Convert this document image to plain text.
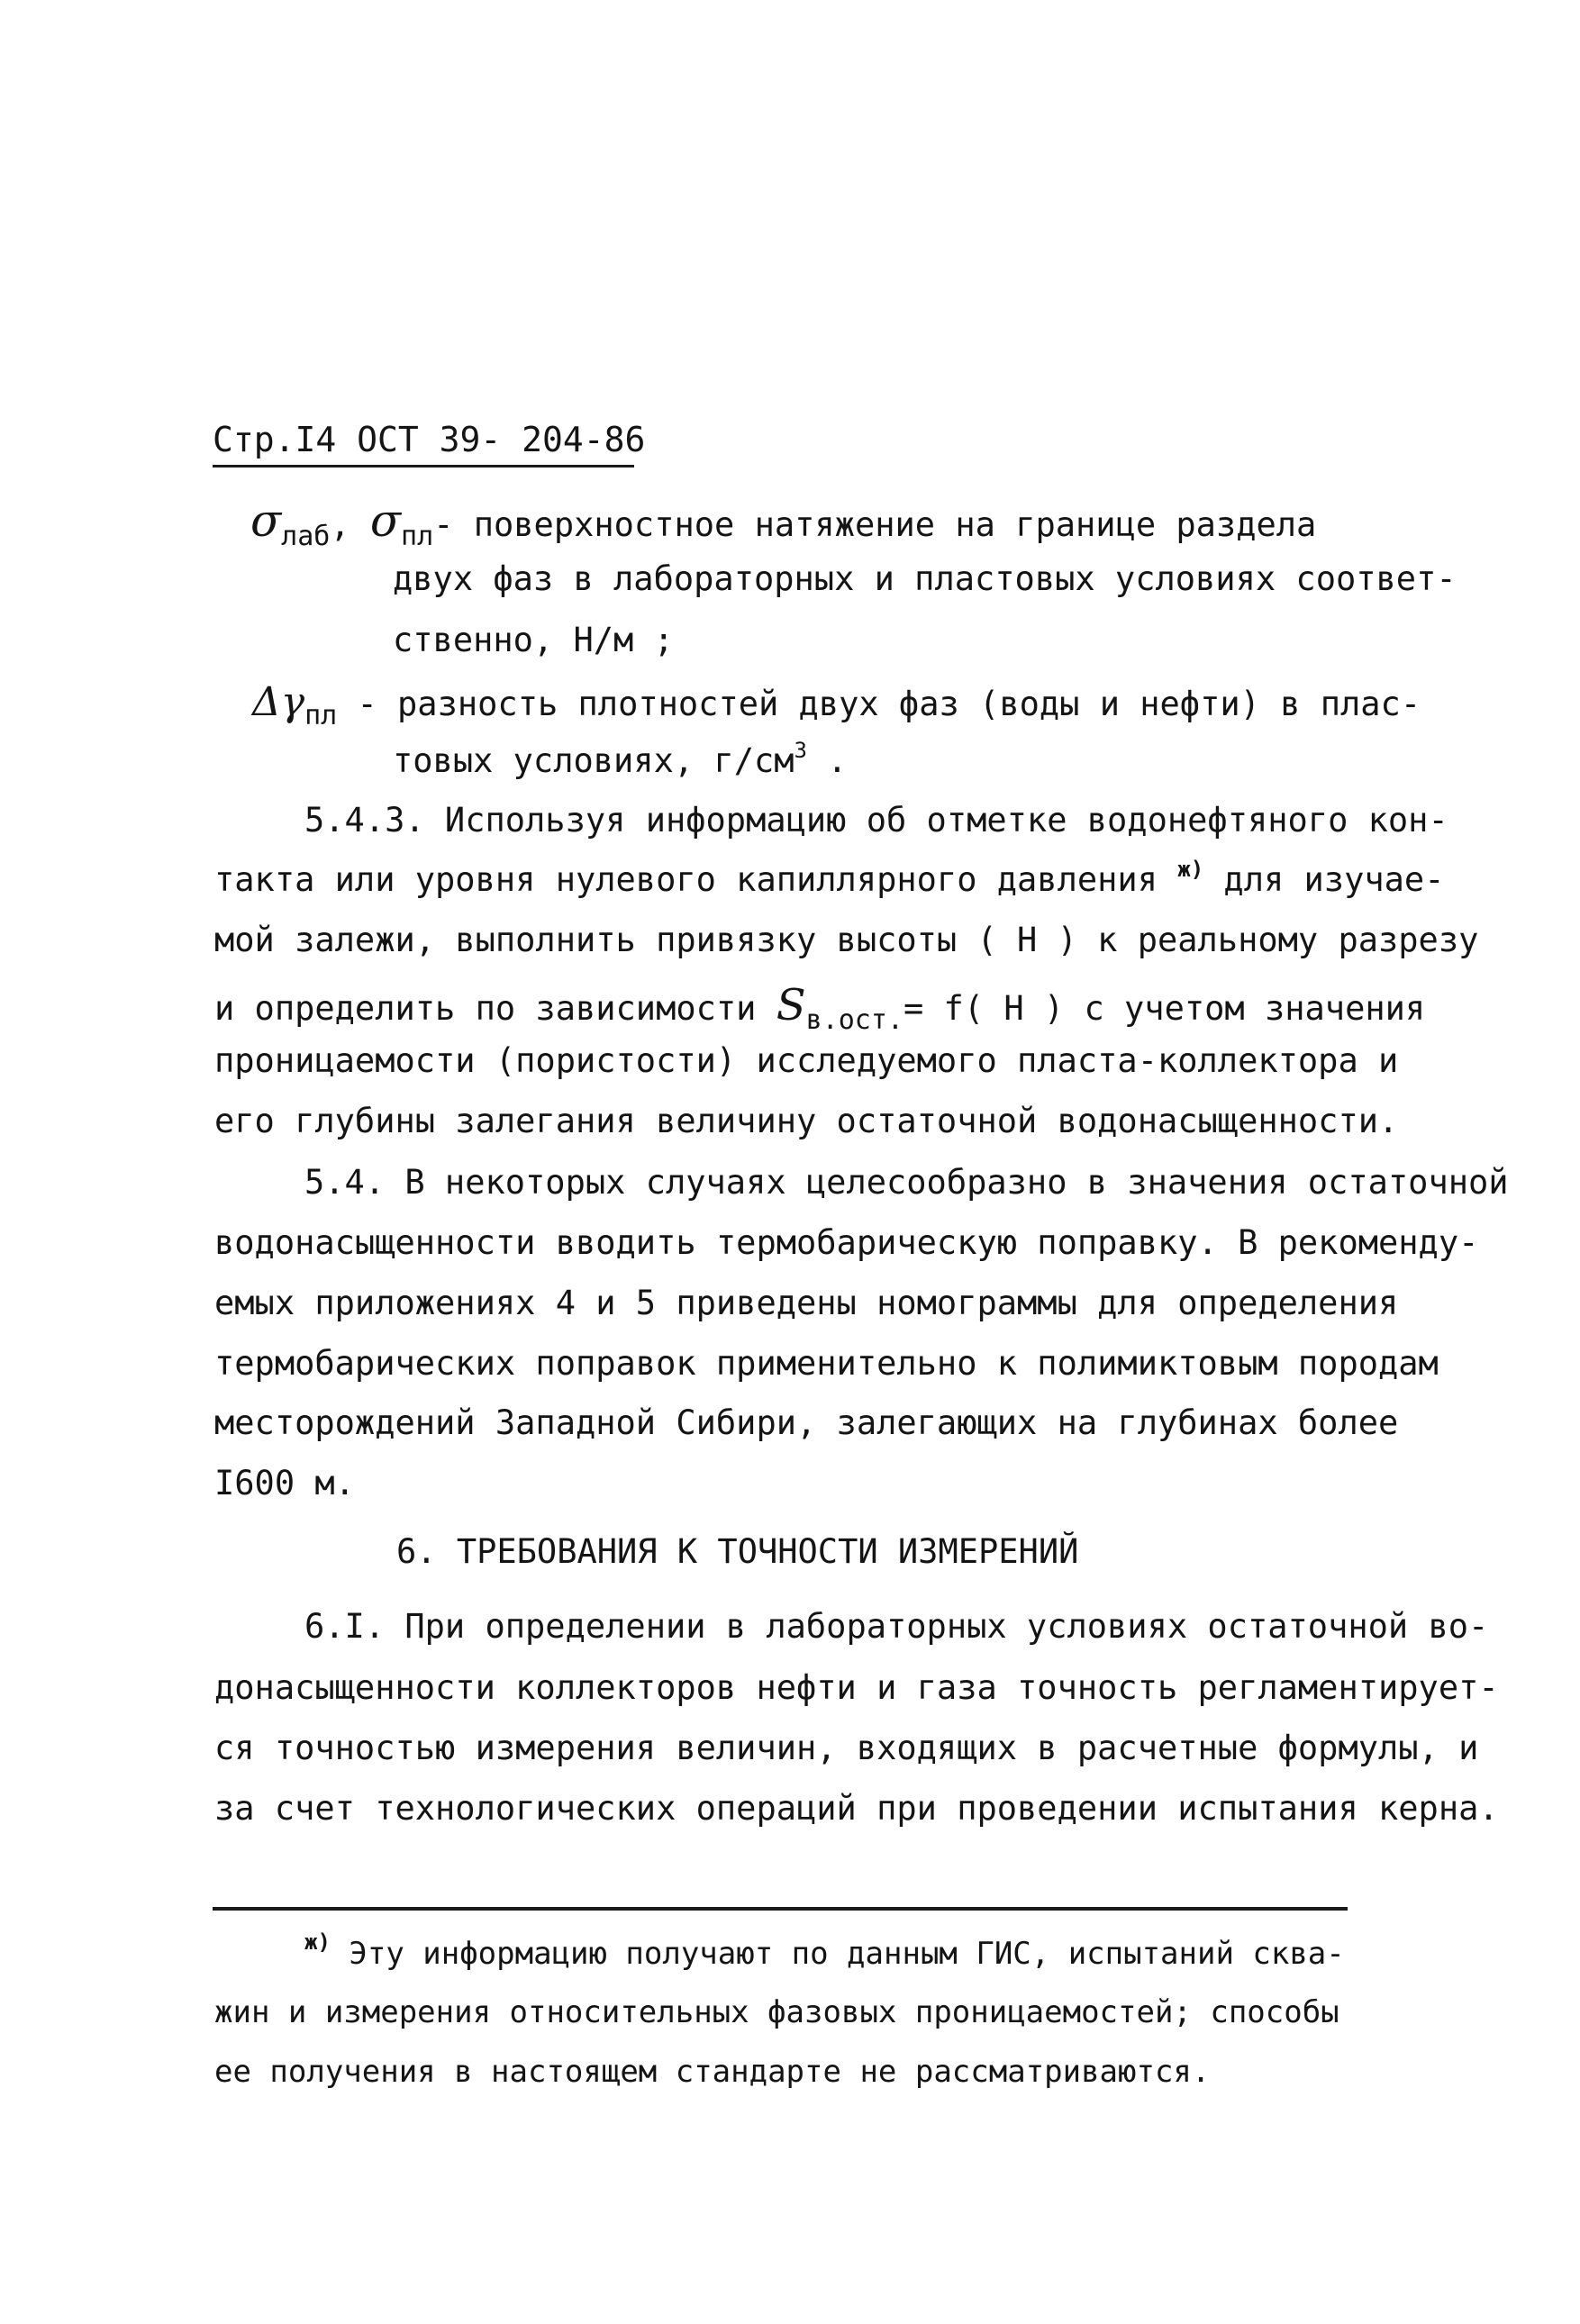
Стр.I4 ОСТ 39- 204-86
$\sigma_{лаб}$, $\sigma_{пл}-$ поверхностное натяжение на границе раздела
двух фаз в лабораторных и пластовых условиях соответ-
ственно, Н/м ;
$\Delta\gamma_{пл}$ - разность плотностей двух фаз (воды и нефти) в плас-
товых условиях, $г/см^3$ .
5.4.3. Используя информацию об отметке водонефтяного кон-
такта или уровня нулевого капиллярного давления $^{ж)}$ для изучае-
мой залежи, выполнить привязку высоты ( Н ) к реальному разрезу
и определить по зависимости $S_{в.ост.}= f$( Н ) с учетом значения
проницаемости (пористости) исследуемого пласта-коллектора и
его глубины залегания величину остаточной водонасыщенности.
5.4. В некоторых случаях целесообразно в значения остаточной
водонасыщенности вводить термобарическую поправку. В рекоменду-
емых приложениях 4 и 5 приведены номограммы для определения
термобарических поправок применительно к полимиктовым породам
месторождений Западной Сибири, залегающих на глубинах более
I600 м.
6. ТРЕБОВАНИЯ К ТОЧНОСТИ ИЗМЕРЕНИЙ
6.I. При определении в лабораторных условиях остаточной во-
донасыщенности коллекторов нефти и газа точность регламентирует-
ся точностью измерения величин, входящих в расчетные формулы, и
за счет технологических операций при проведении испытания керна.
$^{ж)}$ Эту информацию получают по данным ГИС, испытаний сква-
жин и измерения относительных фазовых проницаемостей; способы
ее получения в настоящем стандарте не рассматриваются.
